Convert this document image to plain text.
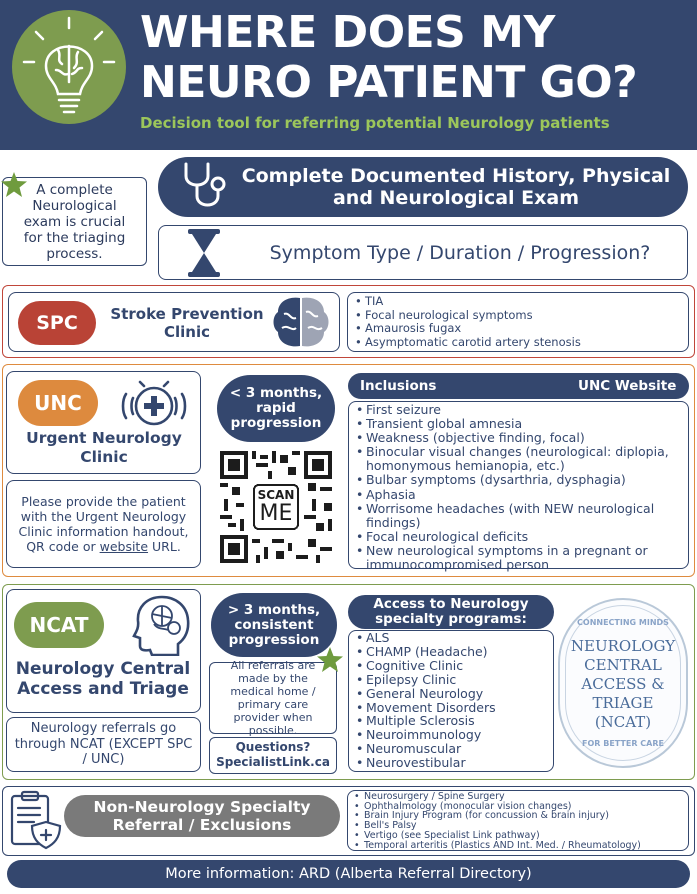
WHERE DOES MY
NEURO PATIENT GO?
Decision tool for referring potential Neurology patients
A complete Neurological exam is crucial for the triaging process.
Complete Documented History, Physical and Neurological Exam
Symptom Type / Duration / Progression?
SPC	Stroke Prevention Clinic
• TIA
• Focal neurological symptoms
• Amaurosis fugax
• Asymptomatic carotid artery stenosis
UNC
Urgent Neurology Clinic
Please provide the patient with the Urgent Neurology Clinic information handout, QR code or website URL.
< 3 months, rapid progression
SCAN
ME
Inclusions	UNC Website
• First seizure
• Transient global amnesia
• Weakness (objective finding, focal)
• Binocular visual changes (neurological: diplopia, homonymous hemianopia, etc.)
• Bulbar symptoms (dysarthria, dysphagia)
• Aphasia
• Worrisome headaches (with NEW neurological findings)
• Focal neurological deficits
• New neurological symptoms in a pregnant or immunocompromised person
NCAT
Neurology Central Access and Triage
Neurology referrals go through NCAT (EXCEPT SPC / UNC)
> 3 months, consistent progression
All referrals are made by the medical home / primary care provider when possible.
Questions?
SpecialistLink.ca
Access to Neurology specialty programs:
• ALS
• CHAMP (Headache)
• Cognitive Clinic
• Epilepsy Clinic
• General Neurology
• Movement Disorders
• Multiple Sclerosis
• Neuroimmunology
• Neuromuscular
• Neurovestibular
CONNECTING MINDS
NEUROLOGY CENTRAL ACCESS & TRIAGE (NCAT)
FOR BETTER CARE
Non-Neurology Specialty Referral / Exclusions
• Neurosurgery / Spine Surgery
• Ophthalmology (monocular vision changes)
• Brain Injury Program (for concussion & brain injury)
• Bell's Palsy
• Vertigo (see Specialist Link pathway)
• Temporal arteritis (Plastics AND Int. Med. / Rheumatology)
More information: ARD (Alberta Referral Directory)
